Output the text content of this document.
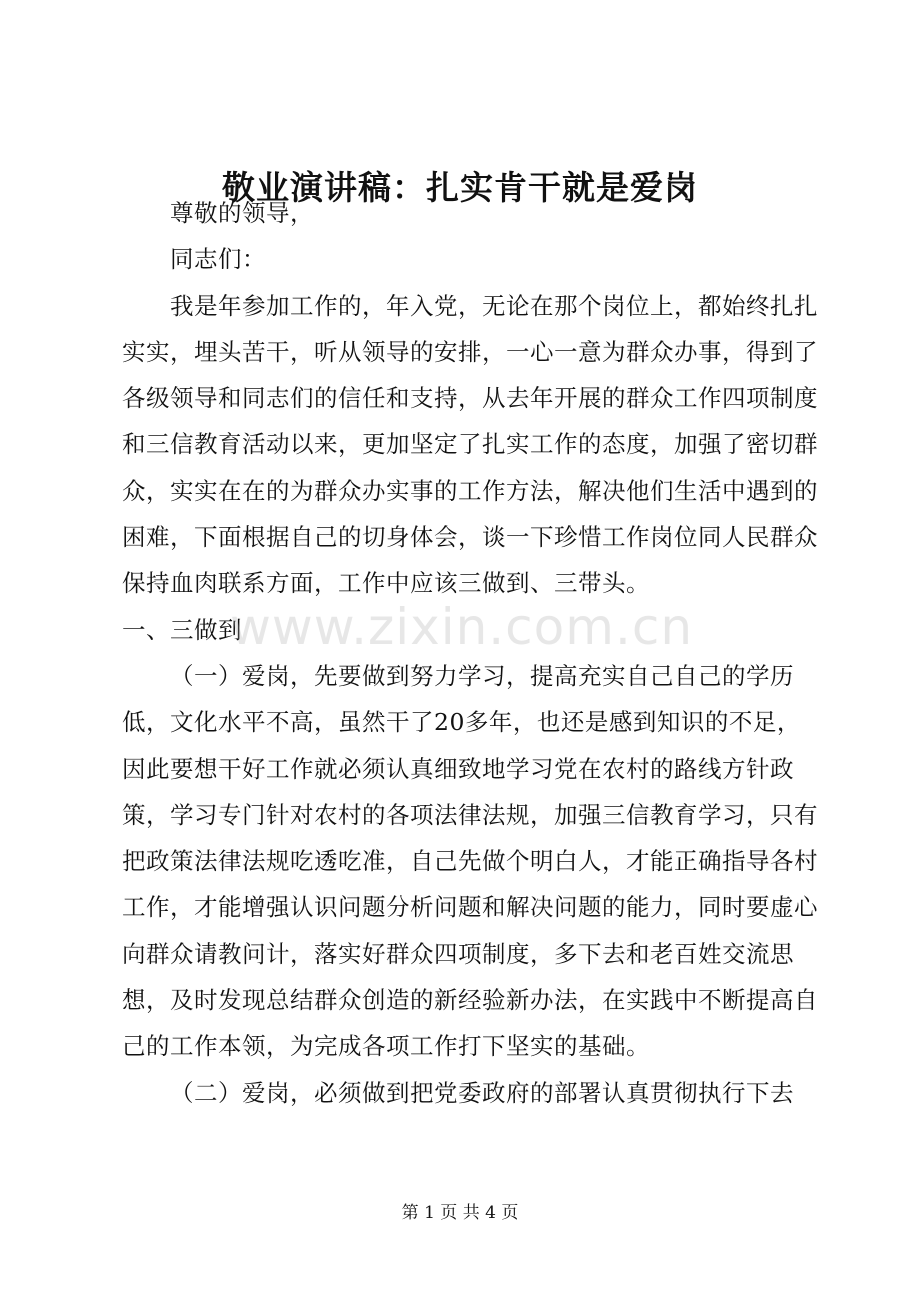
敬业演讲稿：扎实肯干就是爱岗

尊敬的领导，

同志们：

我是年参加工作的，年入党，无论在那个岗位上，都始终扎扎实实，埋头苦干，听从领导的安排，一心一意为群众办事，得到了各级领导和同志们的信任和支持，从去年开展的群众工作四项制度和三信教育活动以来，更加坚定了扎实工作的态度，加强了密切群众，实实在在的为群众办实事的工作方法，解决他们生活中遇到的困难，下面根据自己的切身体会，谈一下珍惜工作岗位同人民群众保持血肉联系方面，工作中应该三做到、三带头。

一、三做到

（一）爱岗，先要做到努力学习，提高充实自己自己的学历低，文化水平不高，虽然干了20多年，也还是感到知识的不足，因此要想干好工作就必须认真细致地学习党在农村的路线方针政策，学习专门针对农村的各项法律法规，加强三信教育学习，只有把政策法律法规吃透吃准，自己先做个明白人，才能正确指导各村工作，才能增强认识问题分析问题和解决问题的能力，同时要虚心向群众请教问计，落实好群众四项制度，多下去和老百姓交流思想，及时发现总结群众创造的新经验新办法，在实践中不断提高自己的工作本领，为完成各项工作打下坚实的基础。

（二）爱岗，必须做到把党委政府的部署认真贯彻执行下去

www.zixin.com.cn
第 1 页 共 4 页
